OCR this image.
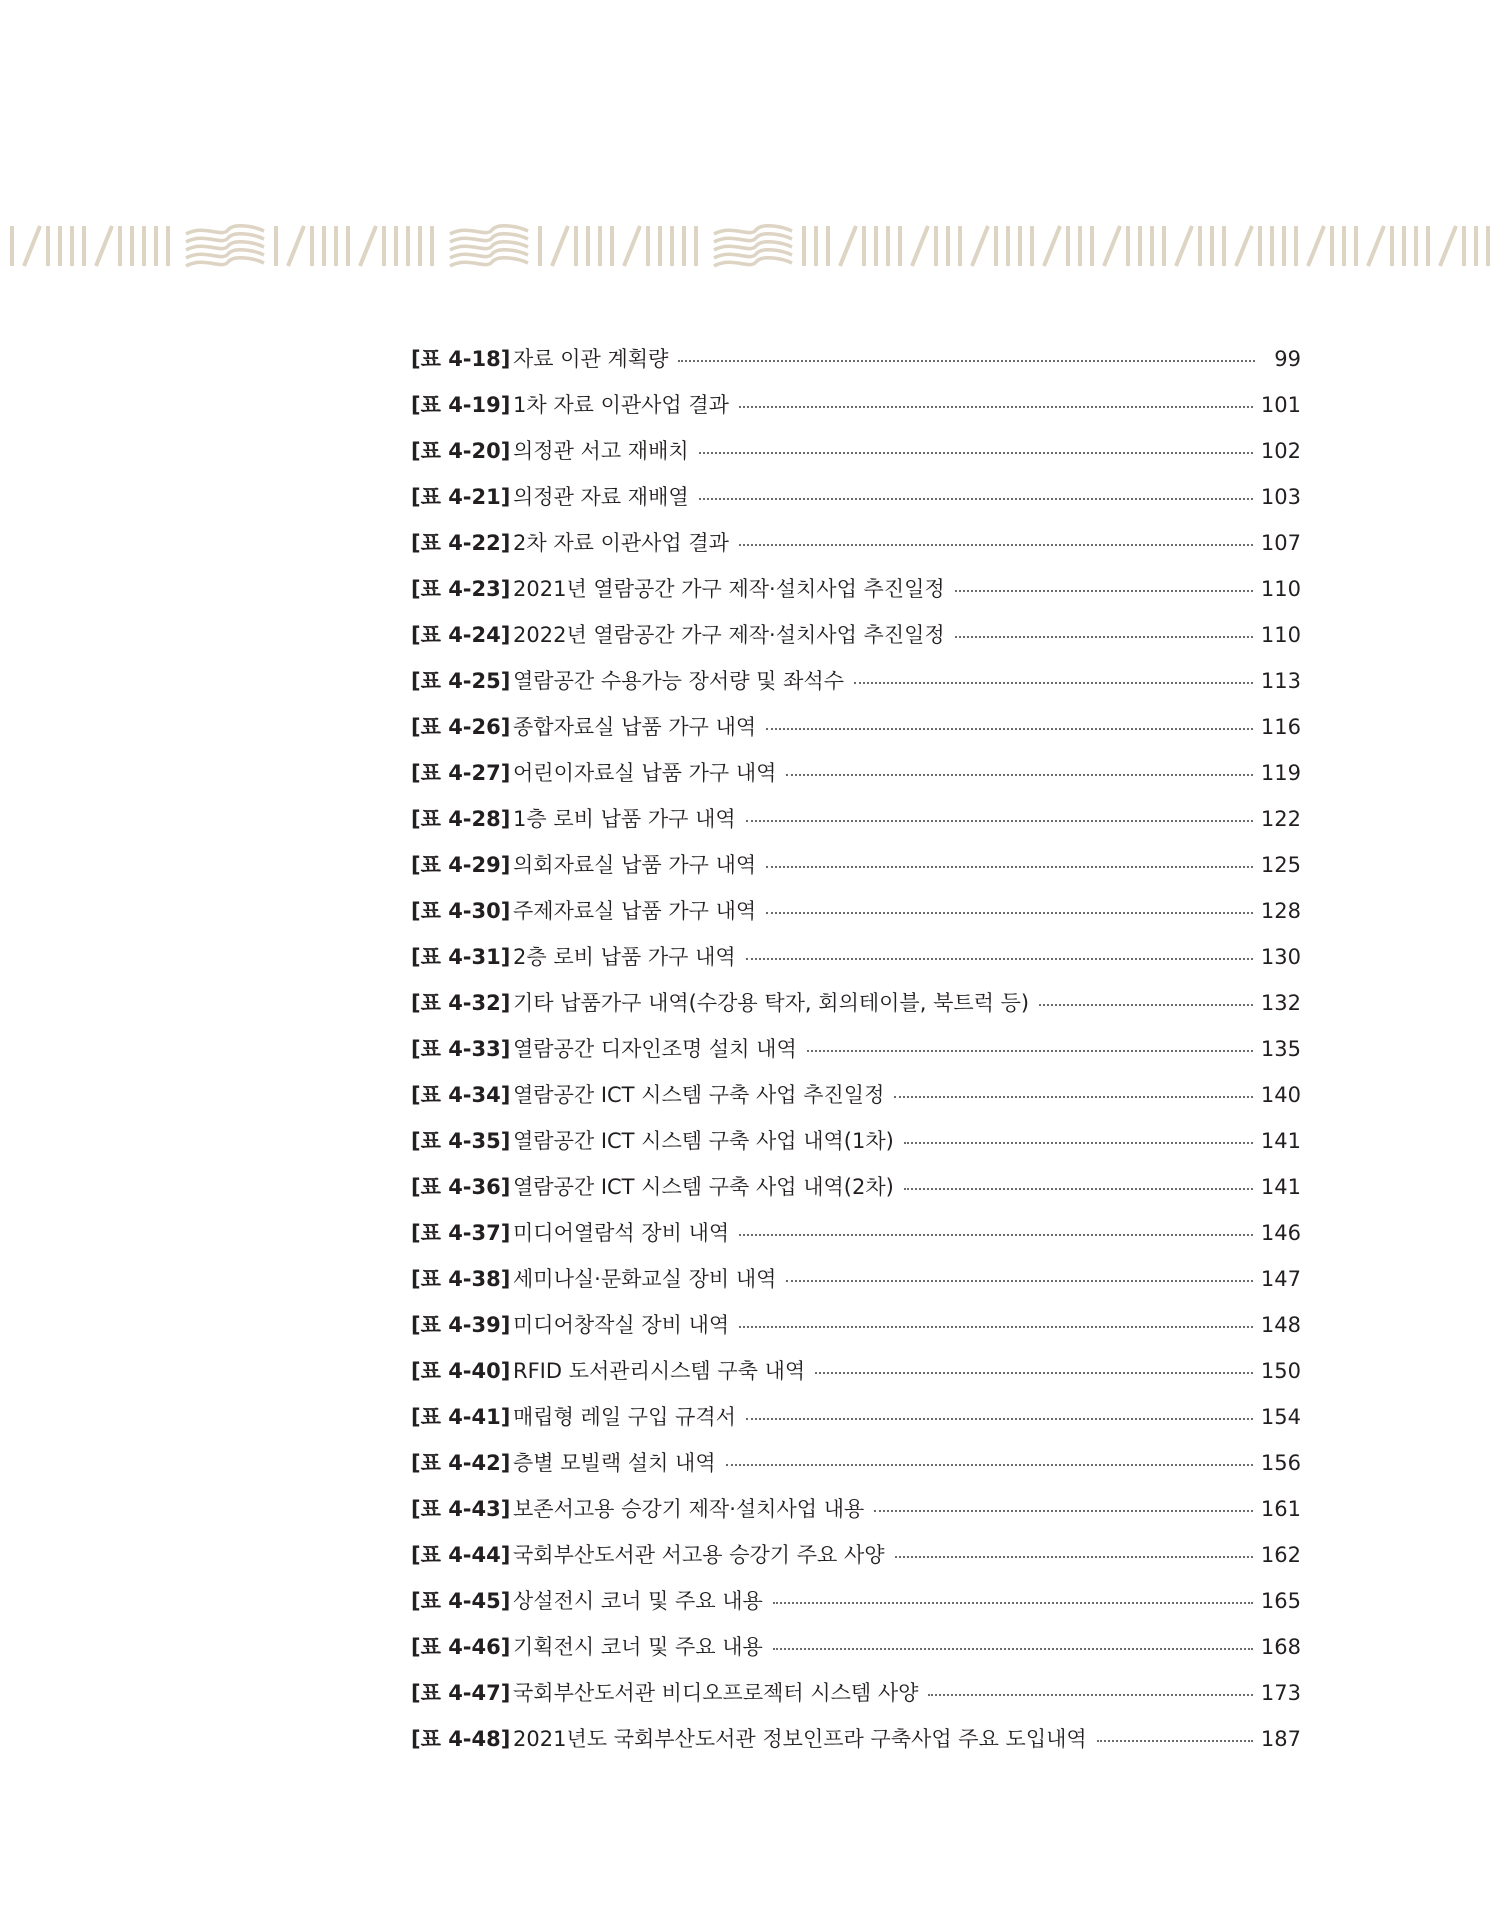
[표 4-18] 자료 이관 계획량	99
[표 4-19] 1차 자료 이관사업 결과	101
[표 4-20] 의정관 서고 재배치	102
[표 4-21] 의정관 자료 재배열	103
[표 4-22] 2차 자료 이관사업 결과	107
[표 4-23] 2021년 열람공간 가구 제작·설치사업 추진일정	110
[표 4-24] 2022년 열람공간 가구 제작·설치사업 추진일정	110
[표 4-25] 열람공간 수용가능 장서량 및 좌석수	113
[표 4-26] 종합자료실 납품 가구 내역	116
[표 4-27] 어린이자료실 납품 가구 내역	119
[표 4-28] 1층 로비 납품 가구 내역	122
[표 4-29] 의회자료실 납품 가구 내역	125
[표 4-30] 주제자료실 납품 가구 내역	128
[표 4-31] 2층 로비 납품 가구 내역	130
[표 4-32] 기타 납품가구 내역(수강용 탁자, 회의테이블, 북트럭 등)	132
[표 4-33] 열람공간 디자인조명 설치 내역	135
[표 4-34] 열람공간 ICT 시스템 구축 사업 추진일정	140
[표 4-35] 열람공간 ICT 시스템 구축 사업 내역(1차)	141
[표 4-36] 열람공간 ICT 시스템 구축 사업 내역(2차)	141
[표 4-37] 미디어열람석 장비 내역	146
[표 4-38] 세미나실·문화교실 장비 내역	147
[표 4-39] 미디어창작실 장비 내역	148
[표 4-40] RFID 도서관리시스템 구축 내역	150
[표 4-41] 매립형 레일 구입 규격서	154
[표 4-42] 층별 모빌랙 설치 내역	156
[표 4-43] 보존서고용 승강기 제작·설치사업 내용	161
[표 4-44] 국회부산도서관 서고용 승강기 주요 사양	162
[표 4-45] 상설전시 코너 및 주요 내용	165
[표 4-46] 기획전시 코너 및 주요 내용	168
[표 4-47] 국회부산도서관 비디오프로젝터 시스템 사양	173
[표 4-48] 2021년도 국회부산도서관 정보인프라 구축사업 주요 도입내역	187
